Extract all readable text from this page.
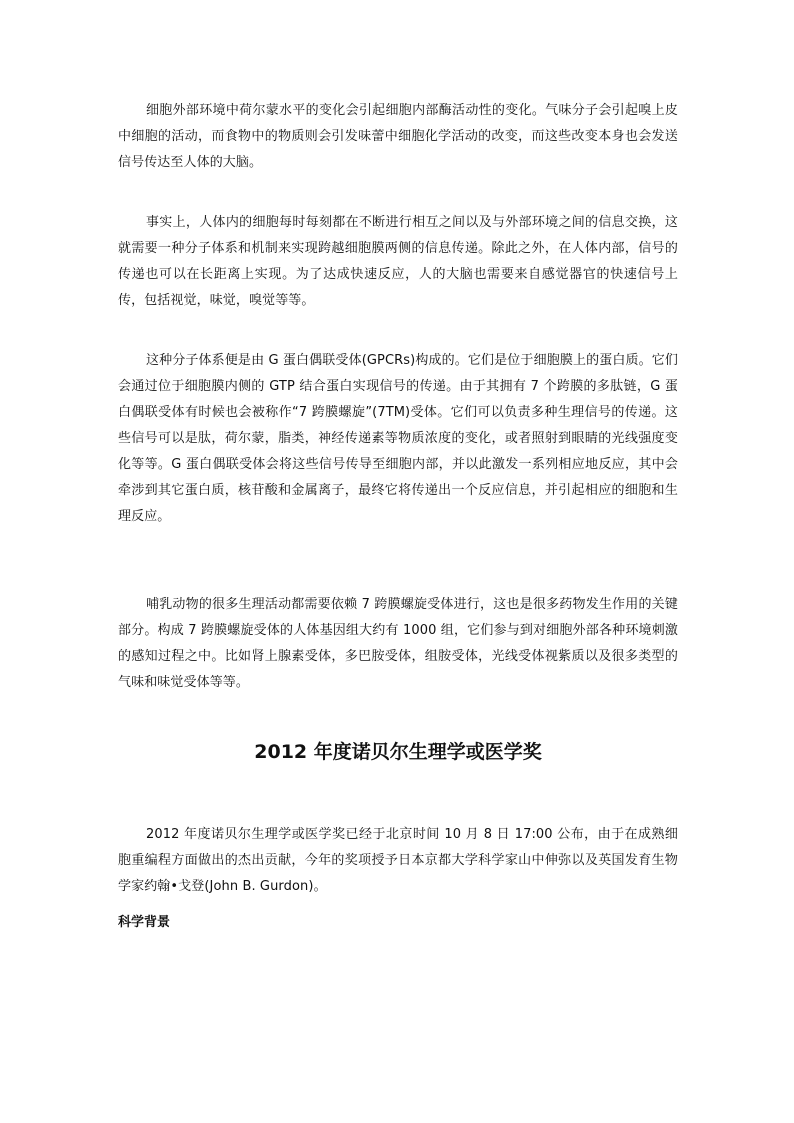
细胞外部环境中荷尔蒙水平的变化会引起细胞内部酶活动性的变化。气味分子会引起嗅上皮中细胞的活动，而食物中的物质则会引发味蕾中细胞化学活动的改变，而这些改变本身也会发送信号传达至人体的大脑。

事实上，人体内的细胞每时每刻都在不断进行相互之间以及与外部环境之间的信息交换，这就需要一种分子体系和机制来实现跨越细胞膜两侧的信息传递。除此之外，在人体内部，信号的传递也可以在长距离上实现。为了达成快速反应，人的大脑也需要来自感觉器官的快速信号上传，包括视觉，味觉，嗅觉等等。

这种分子体系便是由 G 蛋白偶联受体(GPCRs)构成的。它们是位于细胞膜上的蛋白质。它们会通过位于细胞膜内侧的 GTP 结合蛋白实现信号的传递。由于其拥有 7 个跨膜的多肽链，G 蛋白偶联受体有时候也会被称作“7 跨膜螺旋”(7TM)受体。它们可以负责多种生理信号的传递。这些信号可以是肽，荷尔蒙，脂类，神经传递素等物质浓度的变化，或者照射到眼睛的光线强度变化等等。G 蛋白偶联受体会将这些信号传导至细胞内部，并以此激发一系列相应地反应，其中会牵涉到其它蛋白质，核苷酸和金属离子，最终它将传递出一个反应信息，并引起相应的细胞和生理反应。

哺乳动物的很多生理活动都需要依赖 7 跨膜螺旋受体进行，这也是很多药物发生作用的关键部分。构成 7 跨膜螺旋受体的人体基因组大约有 1000 组，它们参与到对细胞外部各种环境刺激的感知过程之中。比如肾上腺素受体，多巴胺受体，组胺受体，光线受体视紫质以及很多类型的气味和味觉受体等等。

2012 年度诺贝尔生理学或医学奖

2012 年度诺贝尔生理学或医学奖已经于北京时间 10 月 8 日 17:00 公布，由于在成熟细胞重编程方面做出的杰出贡献，今年的奖项授予日本京都大学科学家山中伸弥以及英国发育生物学家约翰•戈登(John B. Gurdon)。

科学背景
